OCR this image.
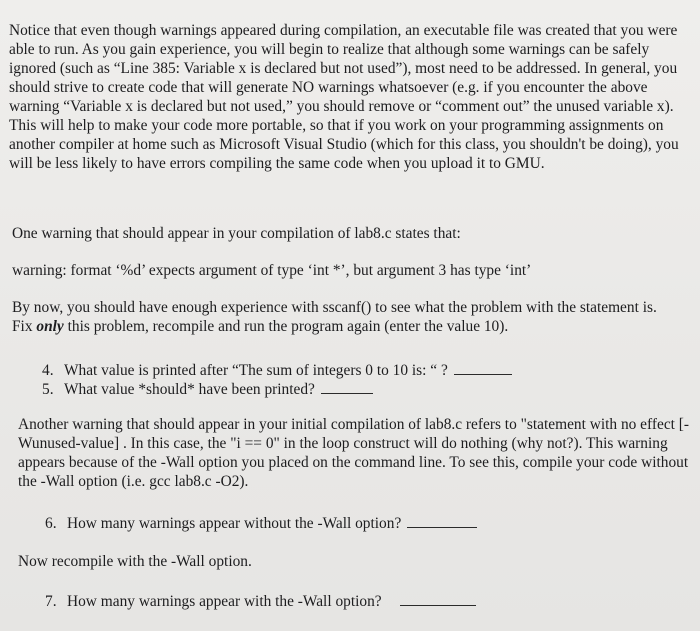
Notice that even though warnings appeared during compilation, an executable file was created that you were able to run. As you gain experience, you will begin to realize that although some warnings can be safely ignored (such as “Line 385: Variable x is declared but not used”), most need to be addressed. In general, you should strive to create code that will generate NO warnings whatsoever (e.g. if you encounter the above warning “Variable x is declared but not used,” you should remove or “comment out” the unused variable x). This will help to make your code more portable, so that if you work on your programming assignments on another compiler at home such as Microsoft Visual Studio (which for this class, you shouldn't be doing), you will be less likely to have errors compiling the same code when you upload it to GMU.

One warning that should appear in your compilation of lab8.c states that:

warning: format ‘%d’ expects argument of type ‘int *’, but argument 3 has type ‘int’

By now, you should have enough experience with sscanf() to see what the problem with the statement is. Fix only this problem, recompile and run the program again (enter the value 10).

4. What value is printed after “The sum of integers 0 to 10 is: “ ?
5. What value *should* have been printed?

Another warning that should appear in your initial compilation of lab8.c refers to "statement with no effect [-Wunused-value] . In this case, the "i == 0" in the loop construct will do nothing (why not?). This warning appears because of the -Wall option you placed on the command line. To see this, compile your code without the -Wall option (i.e. gcc lab8.c -O2).

6. How many warnings appear without the -Wall option?

Now recompile with the -Wall option.

7. How many warnings appear with the -Wall option?
